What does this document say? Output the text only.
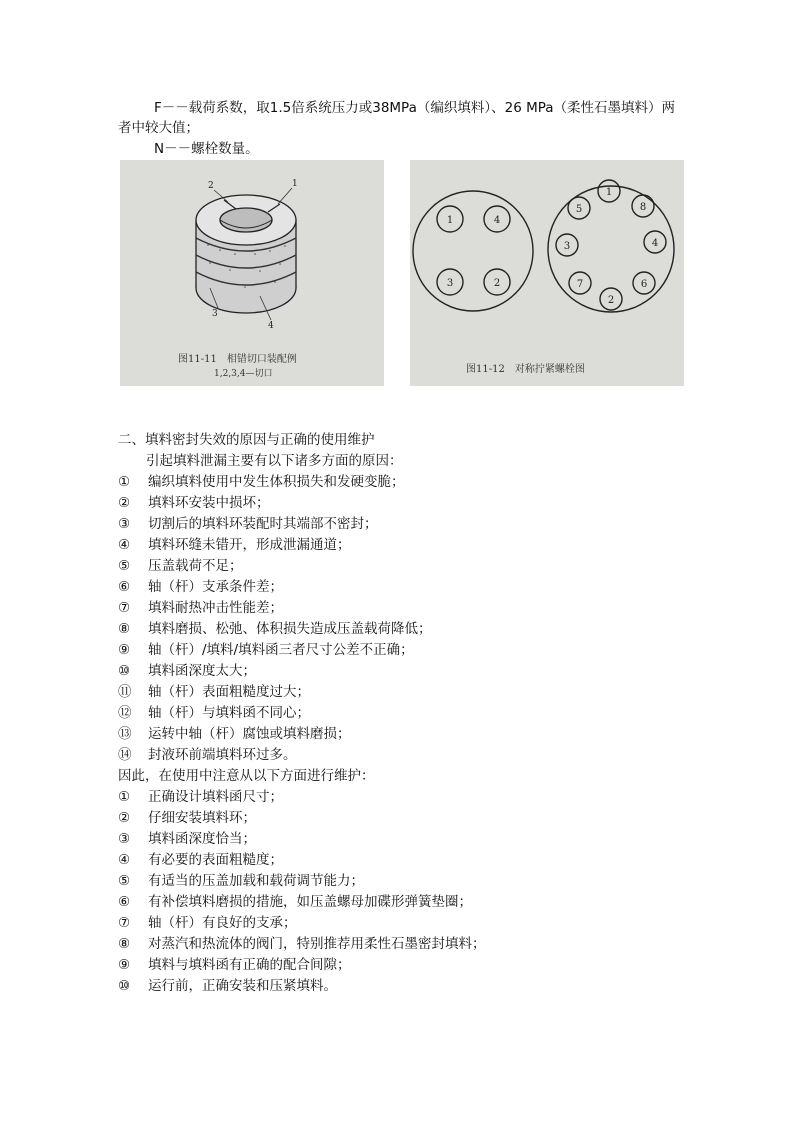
F－－载荷系数，取1.5倍系统压力或38MPa（编织填料）、26 MPa（柔性石墨填料）两
者中较大值；
N－－螺栓数量。
2	1
3
4
图11-11　相错切口装配例
1,2,3,4—切口
1	4
3	2
1
5	8
3	4
7	6
2
图11-12　对称拧紧螺栓图
二、填料密封失效的原因与正确的使用维护
引起填料泄漏主要有以下诸多方面的原因：
① 编织填料使用中发生体积损失和发硬变脆；
② 填料环安装中损坏；
③ 切割后的填料环装配时其端部不密封；
④ 填料环缝未错开，形成泄漏通道；
⑤ 压盖载荷不足；
⑥ 轴（杆）支承条件差；
⑦ 填料耐热冲击性能差；
⑧ 填料磨损、松弛、体积损失造成压盖载荷降低；
⑨ 轴（杆）/填料/填料函三者尺寸公差不正确；
⑩ 填料函深度太大；
⑪ 轴（杆）表面粗糙度过大；
⑫ 轴（杆）与填料函不同心；
⑬ 运转中轴（杆）腐蚀或填料磨损；
⑭ 封液环前端填料环过多。
因此，在使用中注意从以下方面进行维护：
① 正确设计填料函尺寸；
② 仔细安装填料环；
③ 填料函深度恰当；
④ 有必要的表面粗糙度；
⑤ 有适当的压盖加载和载荷调节能力；
⑥ 有补偿填料磨损的措施，如压盖螺母加碟形弹簧垫圈；
⑦ 轴（杆）有良好的支承；
⑧ 对蒸汽和热流体的阀门，特别推荐用柔性石墨密封填料；
⑨ 填料与填料函有正确的配合间隙；
⑩ 运行前，正确安装和压紧填料。
